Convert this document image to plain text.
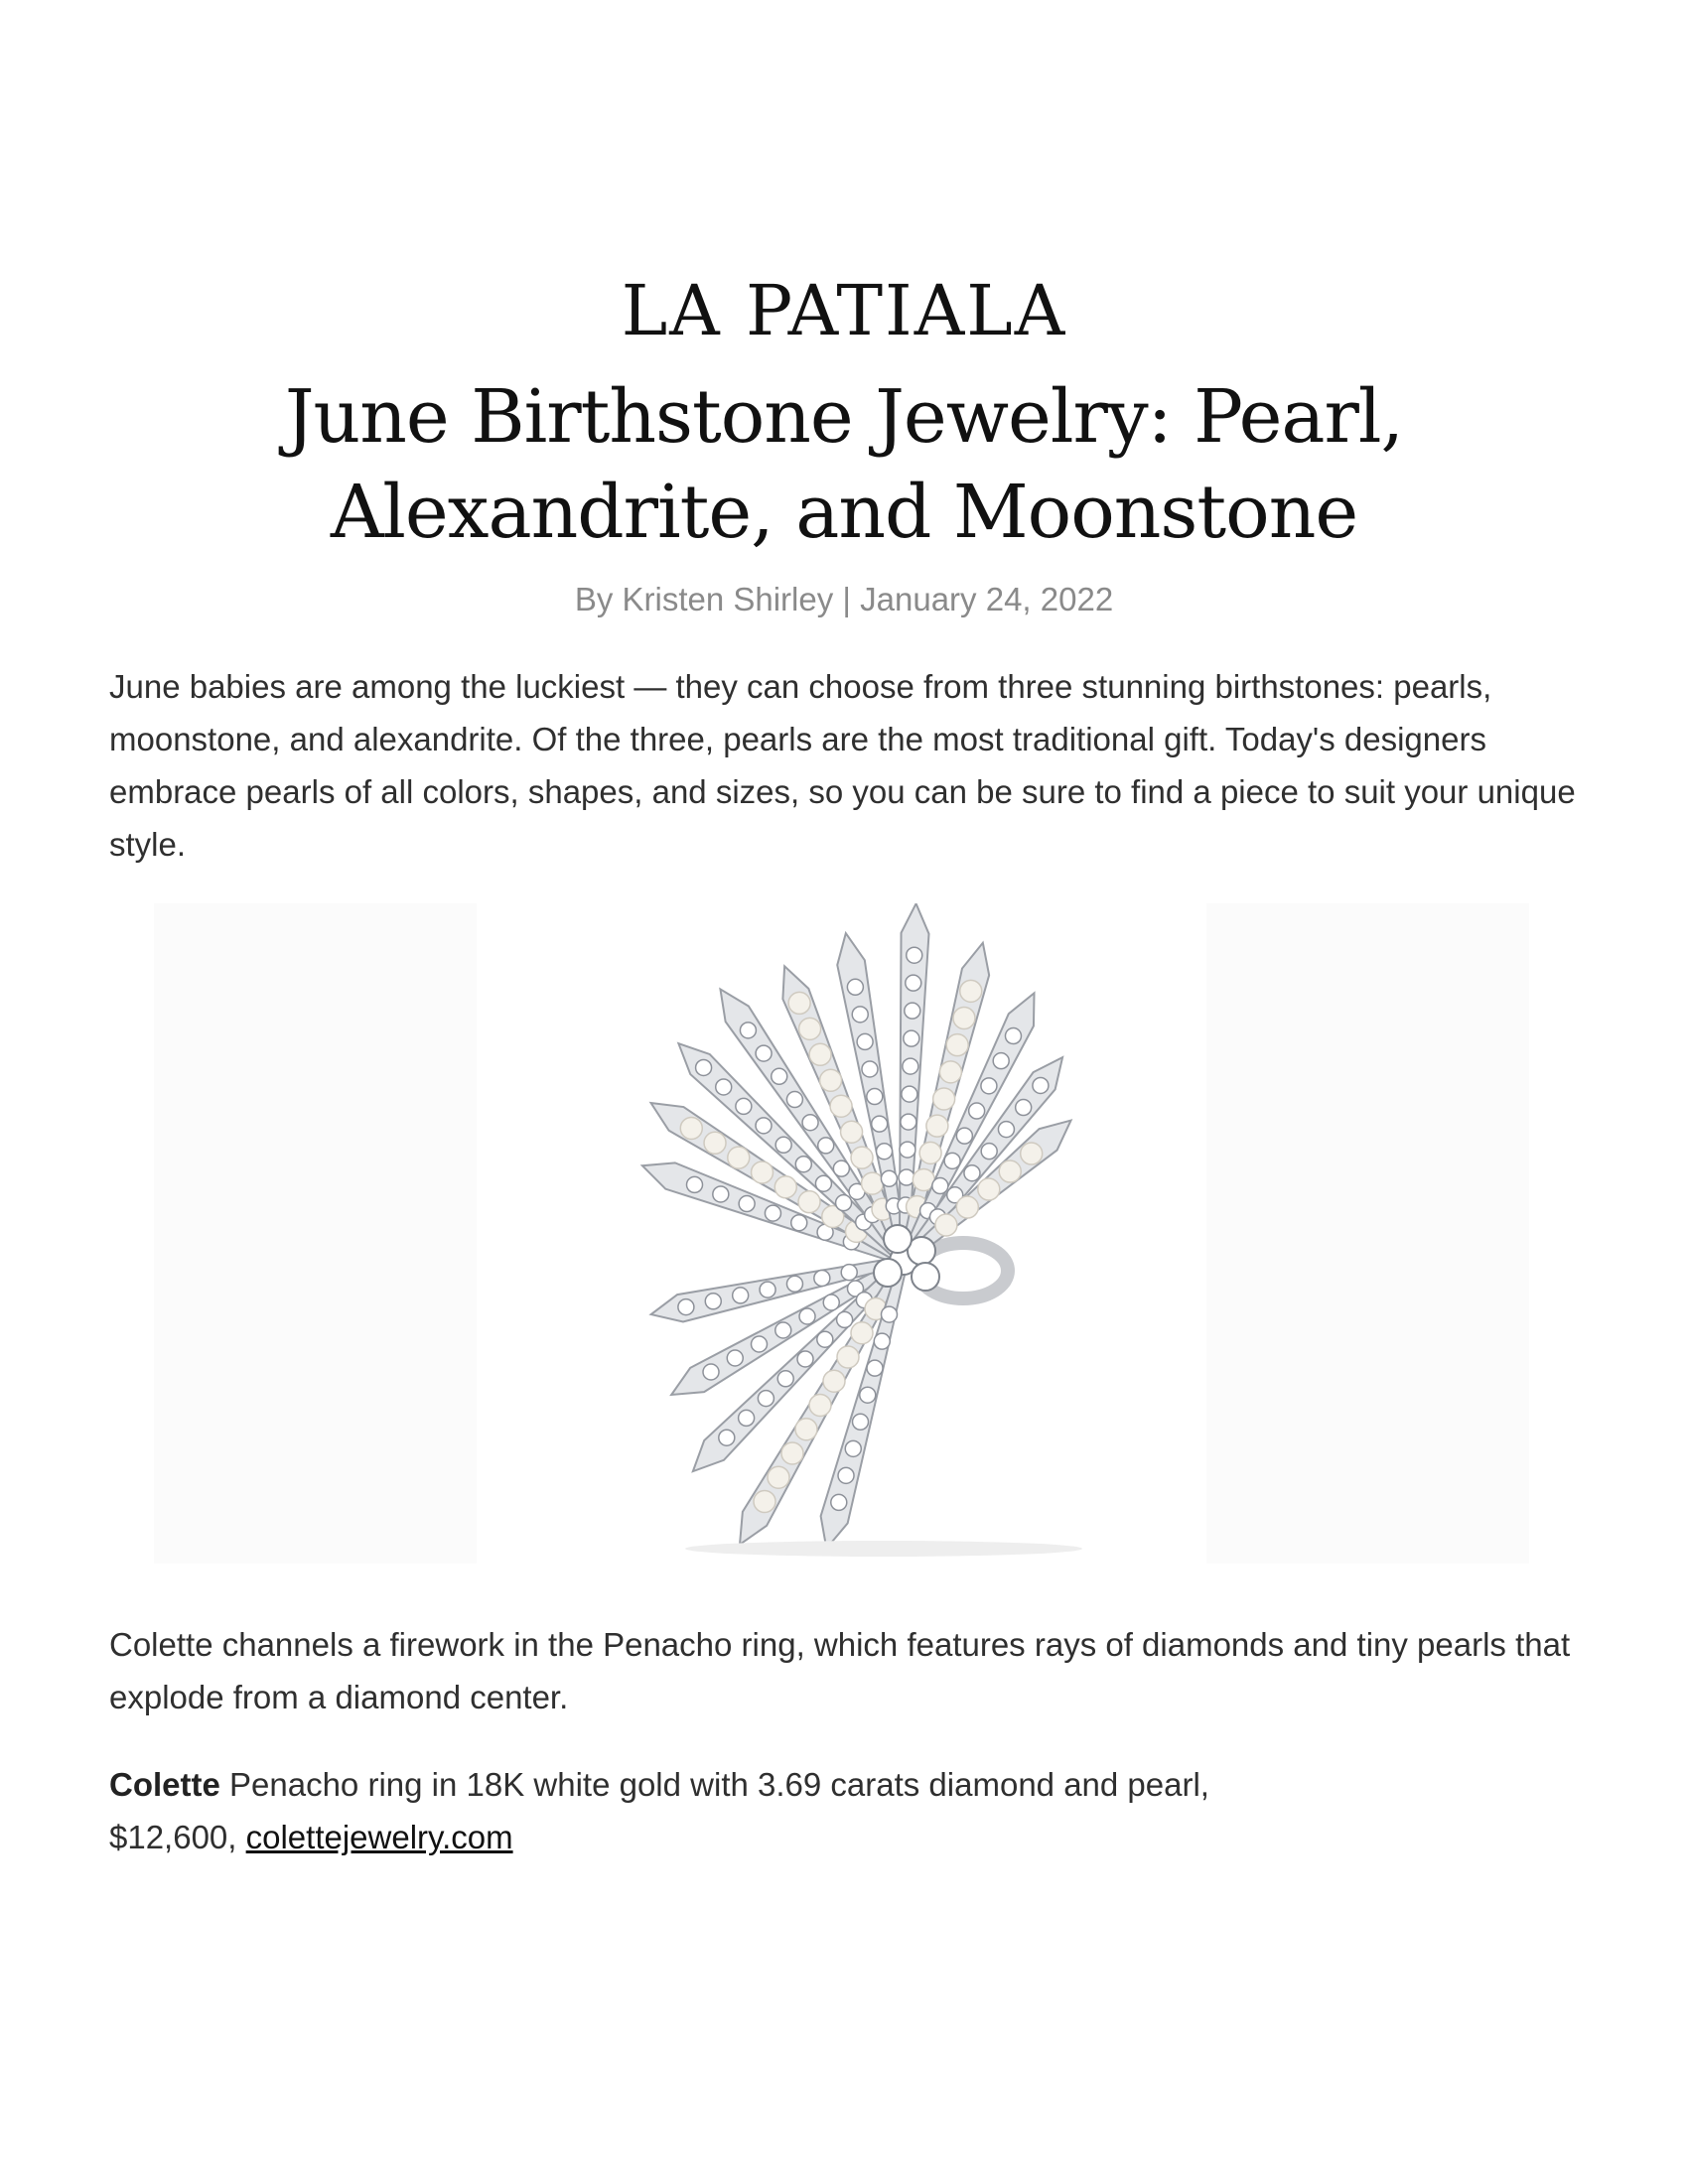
LA PATIALA
June Birthstone Jewelry: Pearl, Alexandrite, and Moonstone
By Kristen Shirley | January 24, 2022

June babies are among the luckiest — they can choose from three stunning birthstones: pearls, moonstone, and alexandrite. Of the three, pearls are the most traditional gift. Today's designers embrace pearls of all colors, shapes, and sizes, so you can be sure to find a piece to suit your unique style.

Colette channels a firework in the Penacho ring, which features rays of diamonds and tiny pearls that explode from a diamond center.

Colette Penacho ring in 18K white gold with 3.69 carats diamond and pearl,
$12,600, colettejewelry.com
